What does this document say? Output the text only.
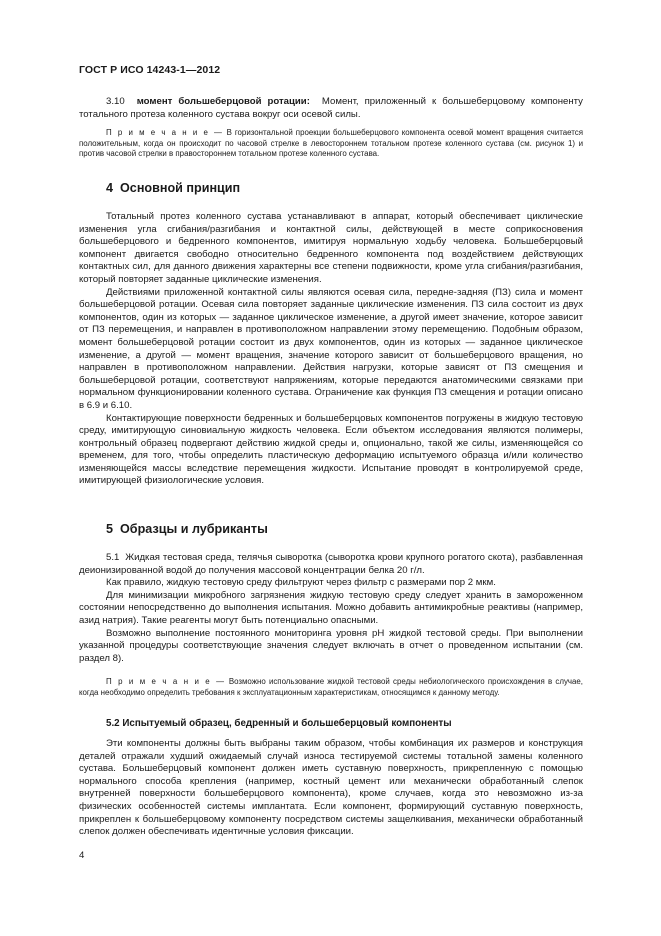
ГОСТ Р ИСО 14243-1—2012

3.10 момент большеберцовой ротации: Момент, приложенный к большеберцовому компоненту тотального протеза коленного сустава вокруг оси осевой силы.

П р и м е ч а н и е — В горизонтальной проекции большеберцового компонента осевой момент вращения считается положительным, когда он происходит по часовой стрелке в левостороннем тотальном протезе коленного сустава (см. рисунок 1) и против часовой стрелки в правостороннем тотальном протезе коленного сустава.

4 Основной принцип

Тотальный протез коленного сустава устанавливают в аппарат, который обеспечивает циклические изменения угла сгибания/разгибания и контактной силы, действующей в месте соприкосновения большеберцового и бедренного компонентов, имитируя нормальную ходьбу человека. Большеберцовый компонент двигается свободно относительно бедренного компонента под воздействием действующих контактных сил, для данного движения характерны все степени подвижности, кроме угла сгибания/разгибания, который повторяет заданные циклические изменения.

Действиями приложенной контактной силы являются осевая сила, передне-задняя (ПЗ) сила и момент большеберцовой ротации. Осевая сила повторяет заданные циклические изменения. ПЗ сила состоит из двух компонентов, один из которых — заданное циклическое изменение, а другой имеет значение, которое зависит от ПЗ перемещения, и направлен в противоположном направлении этому перемещению. Подобным образом, момент большеберцовой ротации состоит из двух компонентов, один из которых — заданное циклическое изменение, а другой — момент вращения, значение которого зависит от большеберцового вращения, но направлен в противоположном направлении. Действия нагрузки, которые зависят от ПЗ смещения и большеберцовой ротации, соответствуют напряжениям, которые передаются анатомическими связками при нормальном функционировании коленного сустава. Ограничение как функция ПЗ смещения и ротации описано в 6.9 и 6.10.

Контактирующие поверхности бедренных и большеберцовых компонентов погружены в жидкую тестовую среду, имитирующую синовиальную жидкость человека. Если объектом исследования являются полимеры, контрольный образец подвергают действию жидкой среды и, опционально, такой же силы, изменяющейся со временем, для того, чтобы определить пластическую деформацию испытуемого образца и/или количество изменяющейся массы вследствие перемещения жидкости. Испытание проводят в контролируемой среде, имитирующей физиологические условия.

5 Образцы и лубриканты

5.1 Жидкая тестовая среда, телячья сыворотка (сыворотка крови крупного рогатого скота), разбавленная деионизированной водой до получения массовой концентрации белка 20 г/л.

Как правило, жидкую тестовую среду фильтруют через фильтр с размерами пор 2 мкм.

Для минимизации микробного загрязнения жидкую тестовую среду следует хранить в замороженном состоянии непосредственно до выполнения испытания. Можно добавить антимикробные реактивы (например, азид натрия). Такие реагенты могут быть потенциально опасными.

Возможно выполнение постоянного мониторинга уровня pH жидкой тестовой среды. При выполнении указанной процедуры соответствующие значения следует включать в отчет о проведенном испытании (см. раздел 8).

П р и м е ч а н и е — Возможно использование жидкой тестовой среды небиологического происхождения в случае, когда необходимо определить требования к эксплуатационным характеристикам, относящимся к данному методу.

5.2 Испытуемый образец, бедренный и большеберцовый компоненты

Эти компоненты должны быть выбраны таким образом, чтобы комбинация их размеров и конструкция деталей отражали худший ожидаемый случай износа тестируемой системы тотальной замены коленного сустава. Большеберцовый компонент должен иметь суставную поверхность, прикрепленную с помощью нормального способа крепления (например, костный цемент или механически обработанный слепок внутренней поверхности большеберцового компонента), кроме случаев, когда это невозможно из-за физических особенностей системы имплантата. Если компонент, формирующий суставную поверхность, прикреплен к большеберцовому компоненту посредством системы защелкивания, механически обработанный слепок должен обеспечивать идентичные условия фиксации.

4
